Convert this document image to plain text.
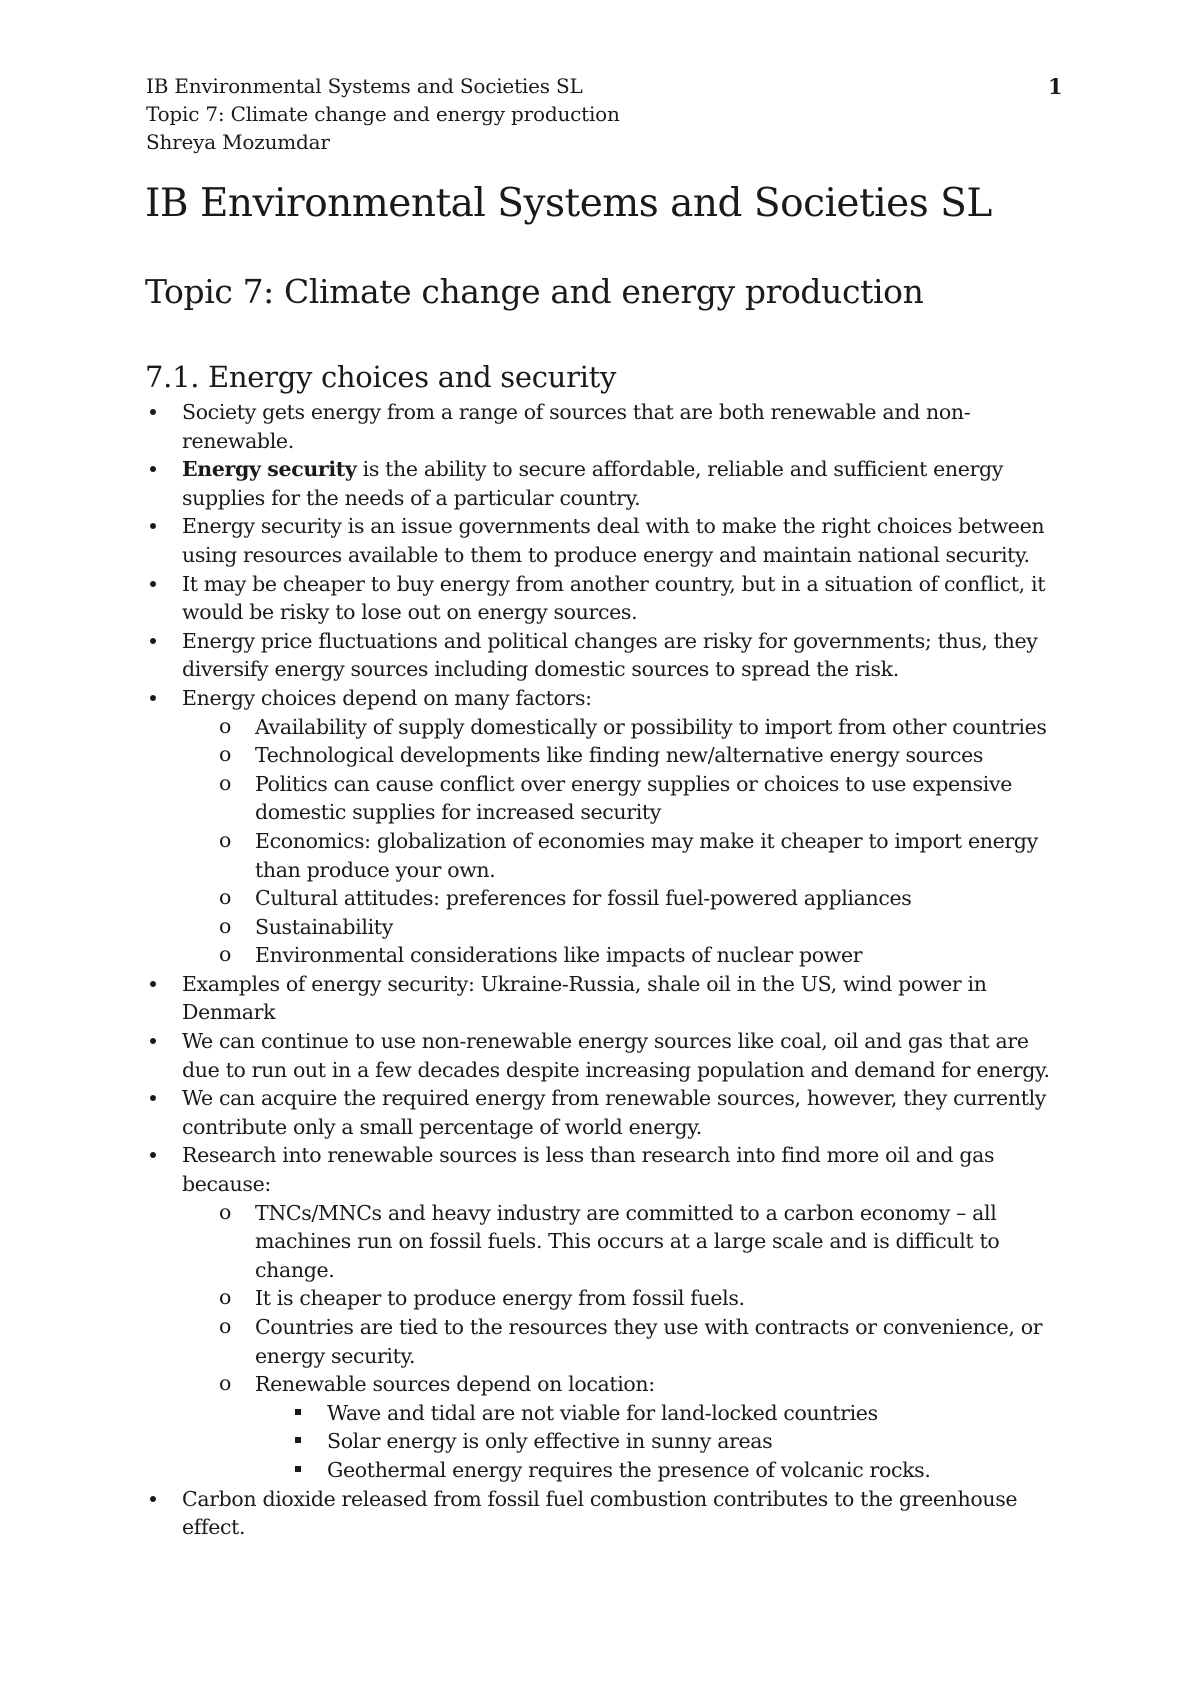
IB Environmental Systems and Societies SL
Topic 7: Climate change and energy production
Shreya Mozumdar
1
IB Environmental Systems and Societies SL
Topic 7: Climate change and energy production
7.1. Energy choices and security
Society gets energy from a range of sources that are both renewable and non-renewable.
Energy security is the ability to secure affordable, reliable and sufficient energy supplies for the needs of a particular country.
Energy security is an issue governments deal with to make the right choices between using resources available to them to produce energy and maintain national security.
It may be cheaper to buy energy from another country, but in a situation of conflict, it would be risky to lose out on energy sources.
Energy price fluctuations and political changes are risky for governments; thus, they diversify energy sources including domestic sources to spread the risk.
Energy choices depend on many factors:
o Availability of supply domestically or possibility to import from other countries
o Technological developments like finding new/alternative energy sources
o Politics can cause conflict over energy supplies or choices to use expensive domestic supplies for increased security
o Economics: globalization of economies may make it cheaper to import energy than produce your own.
o Cultural attitudes: preferences for fossil fuel-powered appliances
o Sustainability
o Environmental considerations like impacts of nuclear power
Examples of energy security: Ukraine-Russia, shale oil in the US, wind power in Denmark
We can continue to use non-renewable energy sources like coal, oil and gas that are due to run out in a few decades despite increasing population and demand for energy.
We can acquire the required energy from renewable sources, however, they currently contribute only a small percentage of world energy.
Research into renewable sources is less than research into find more oil and gas because:
o TNCs/MNCs and heavy industry are committed to a carbon economy – all machines run on fossil fuels. This occurs at a large scale and is difficult to change.
o It is cheaper to produce energy from fossil fuels.
o Countries are tied to the resources they use with contracts or convenience, or energy security.
o Renewable sources depend on location:
Wave and tidal are not viable for land-locked countries
Solar energy is only effective in sunny areas
Geothermal energy requires the presence of volcanic rocks.
Carbon dioxide released from fossil fuel combustion contributes to the greenhouse effect.
